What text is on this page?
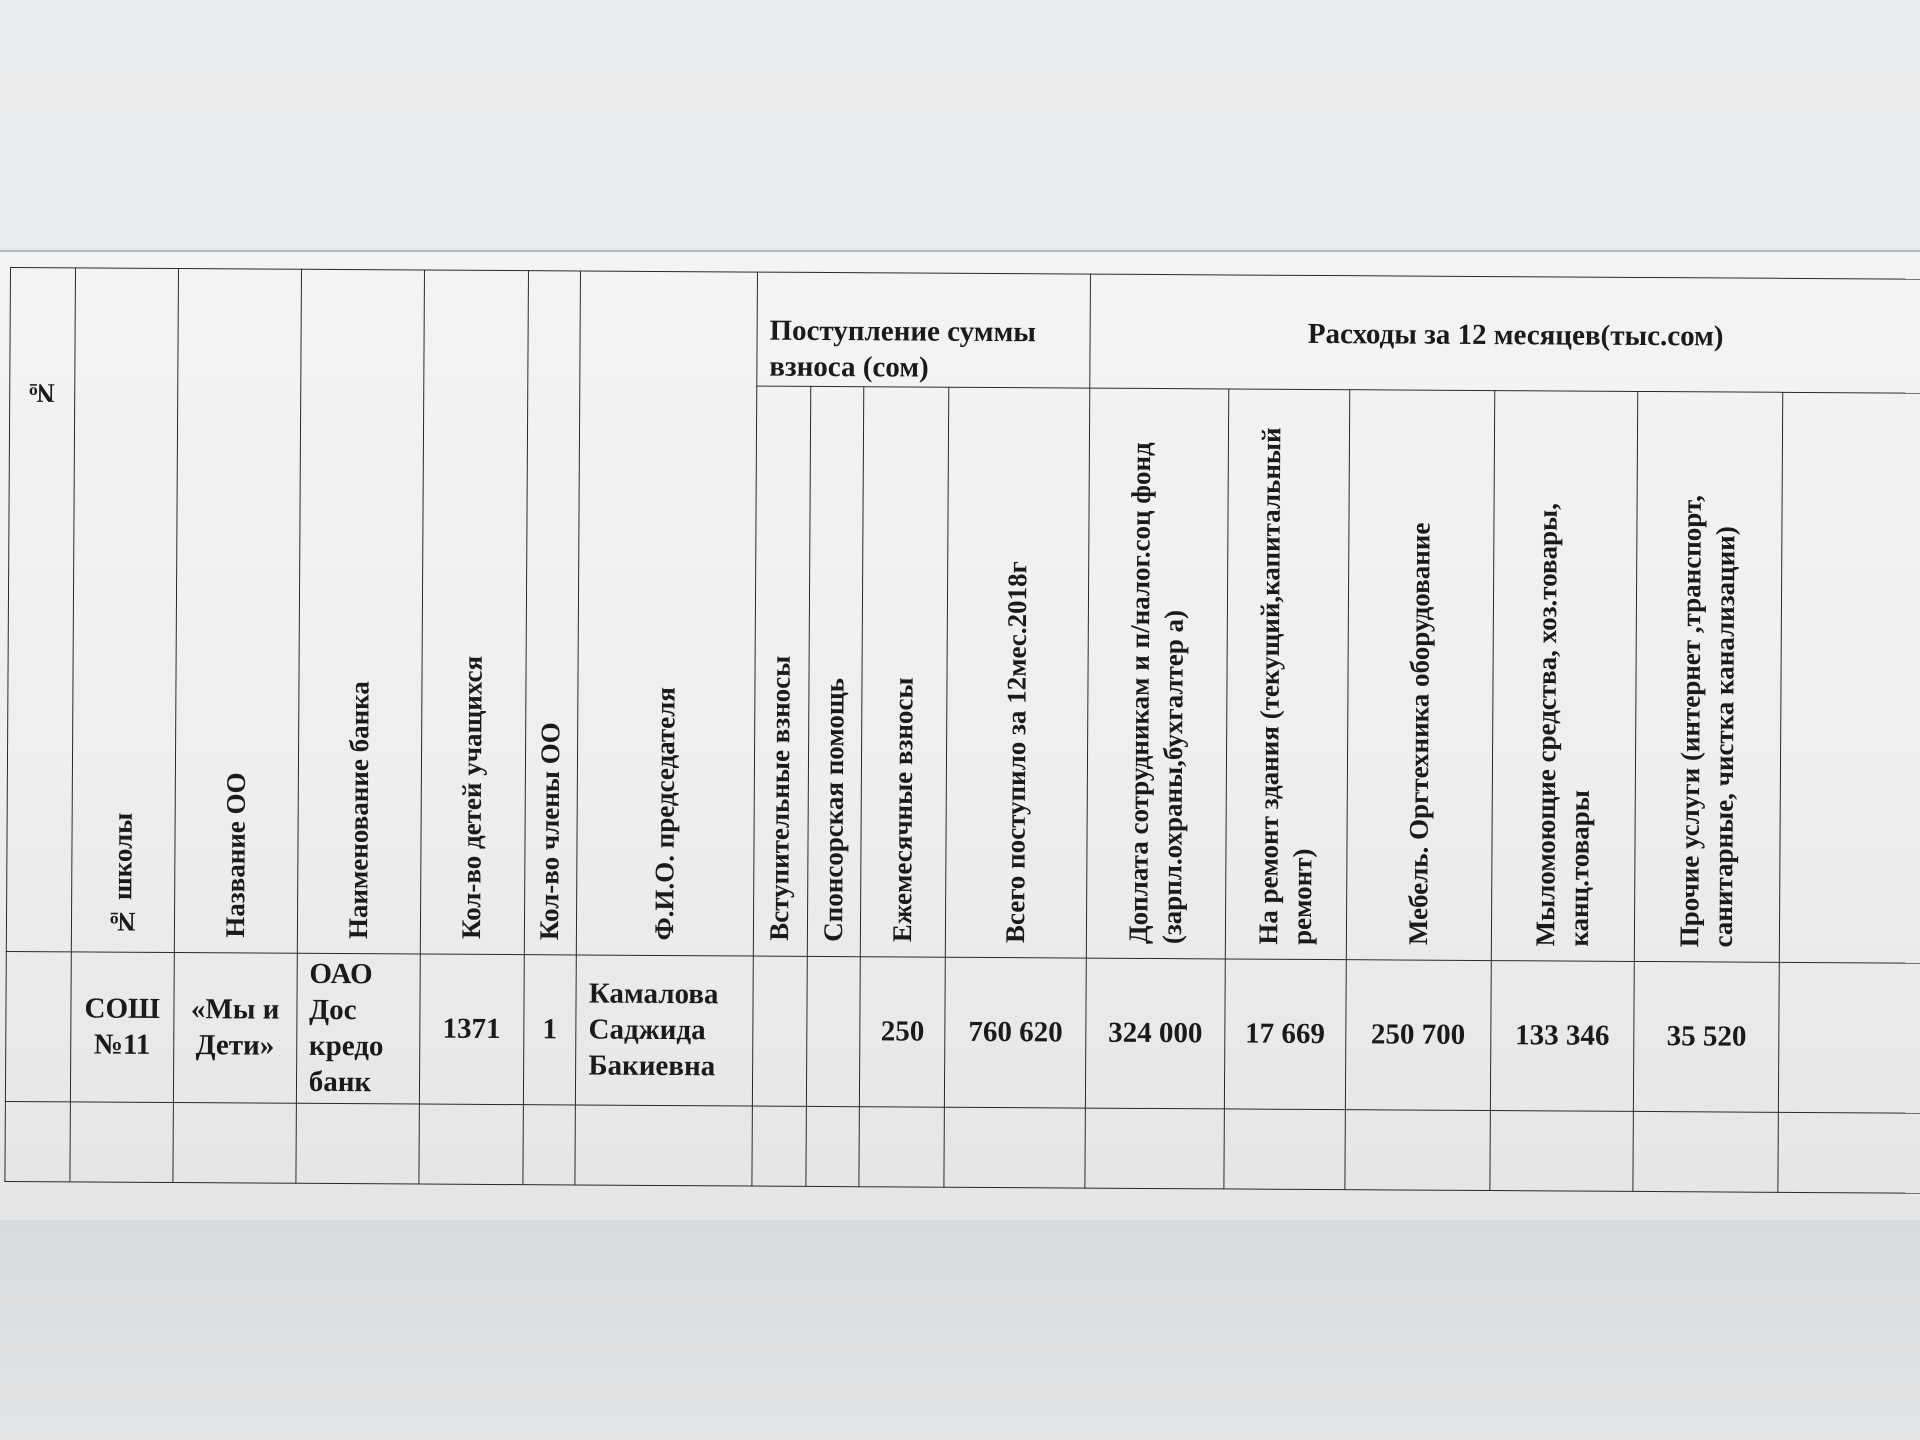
№	№ школы	Название ОО	Наименование банка	Кол-во детей учащихся	Кол-во члены ОО	Ф.И.О. председателя	Поступление суммы взноса (сом)				Расходы за 12 месяцев(тыс.сом)					

							Вступительные взносы	Спонсорская помощь	Ежемесячные взносы	Всего поступило за 12мес.2018г	Доплата сотрудникам и п/налог.соц фонд (зарпл.охраны,бухгалтер а)	На ремонт здания (текущий,капитальный ремонт)	Мебель. Оргтехника оборудование	Мыломоющие средства, хоз.товары, канц.товары	Прочие услуги (интернет ,транспорт, санитарные, чистка канализации)	

	СОШ №11	«Мы и Дети»	ОАО Дос кредо банк	1371	1	Камалова Саджида Бакиевна			250	760 620	324 000	17 669	250 700	133 346	35 520	
